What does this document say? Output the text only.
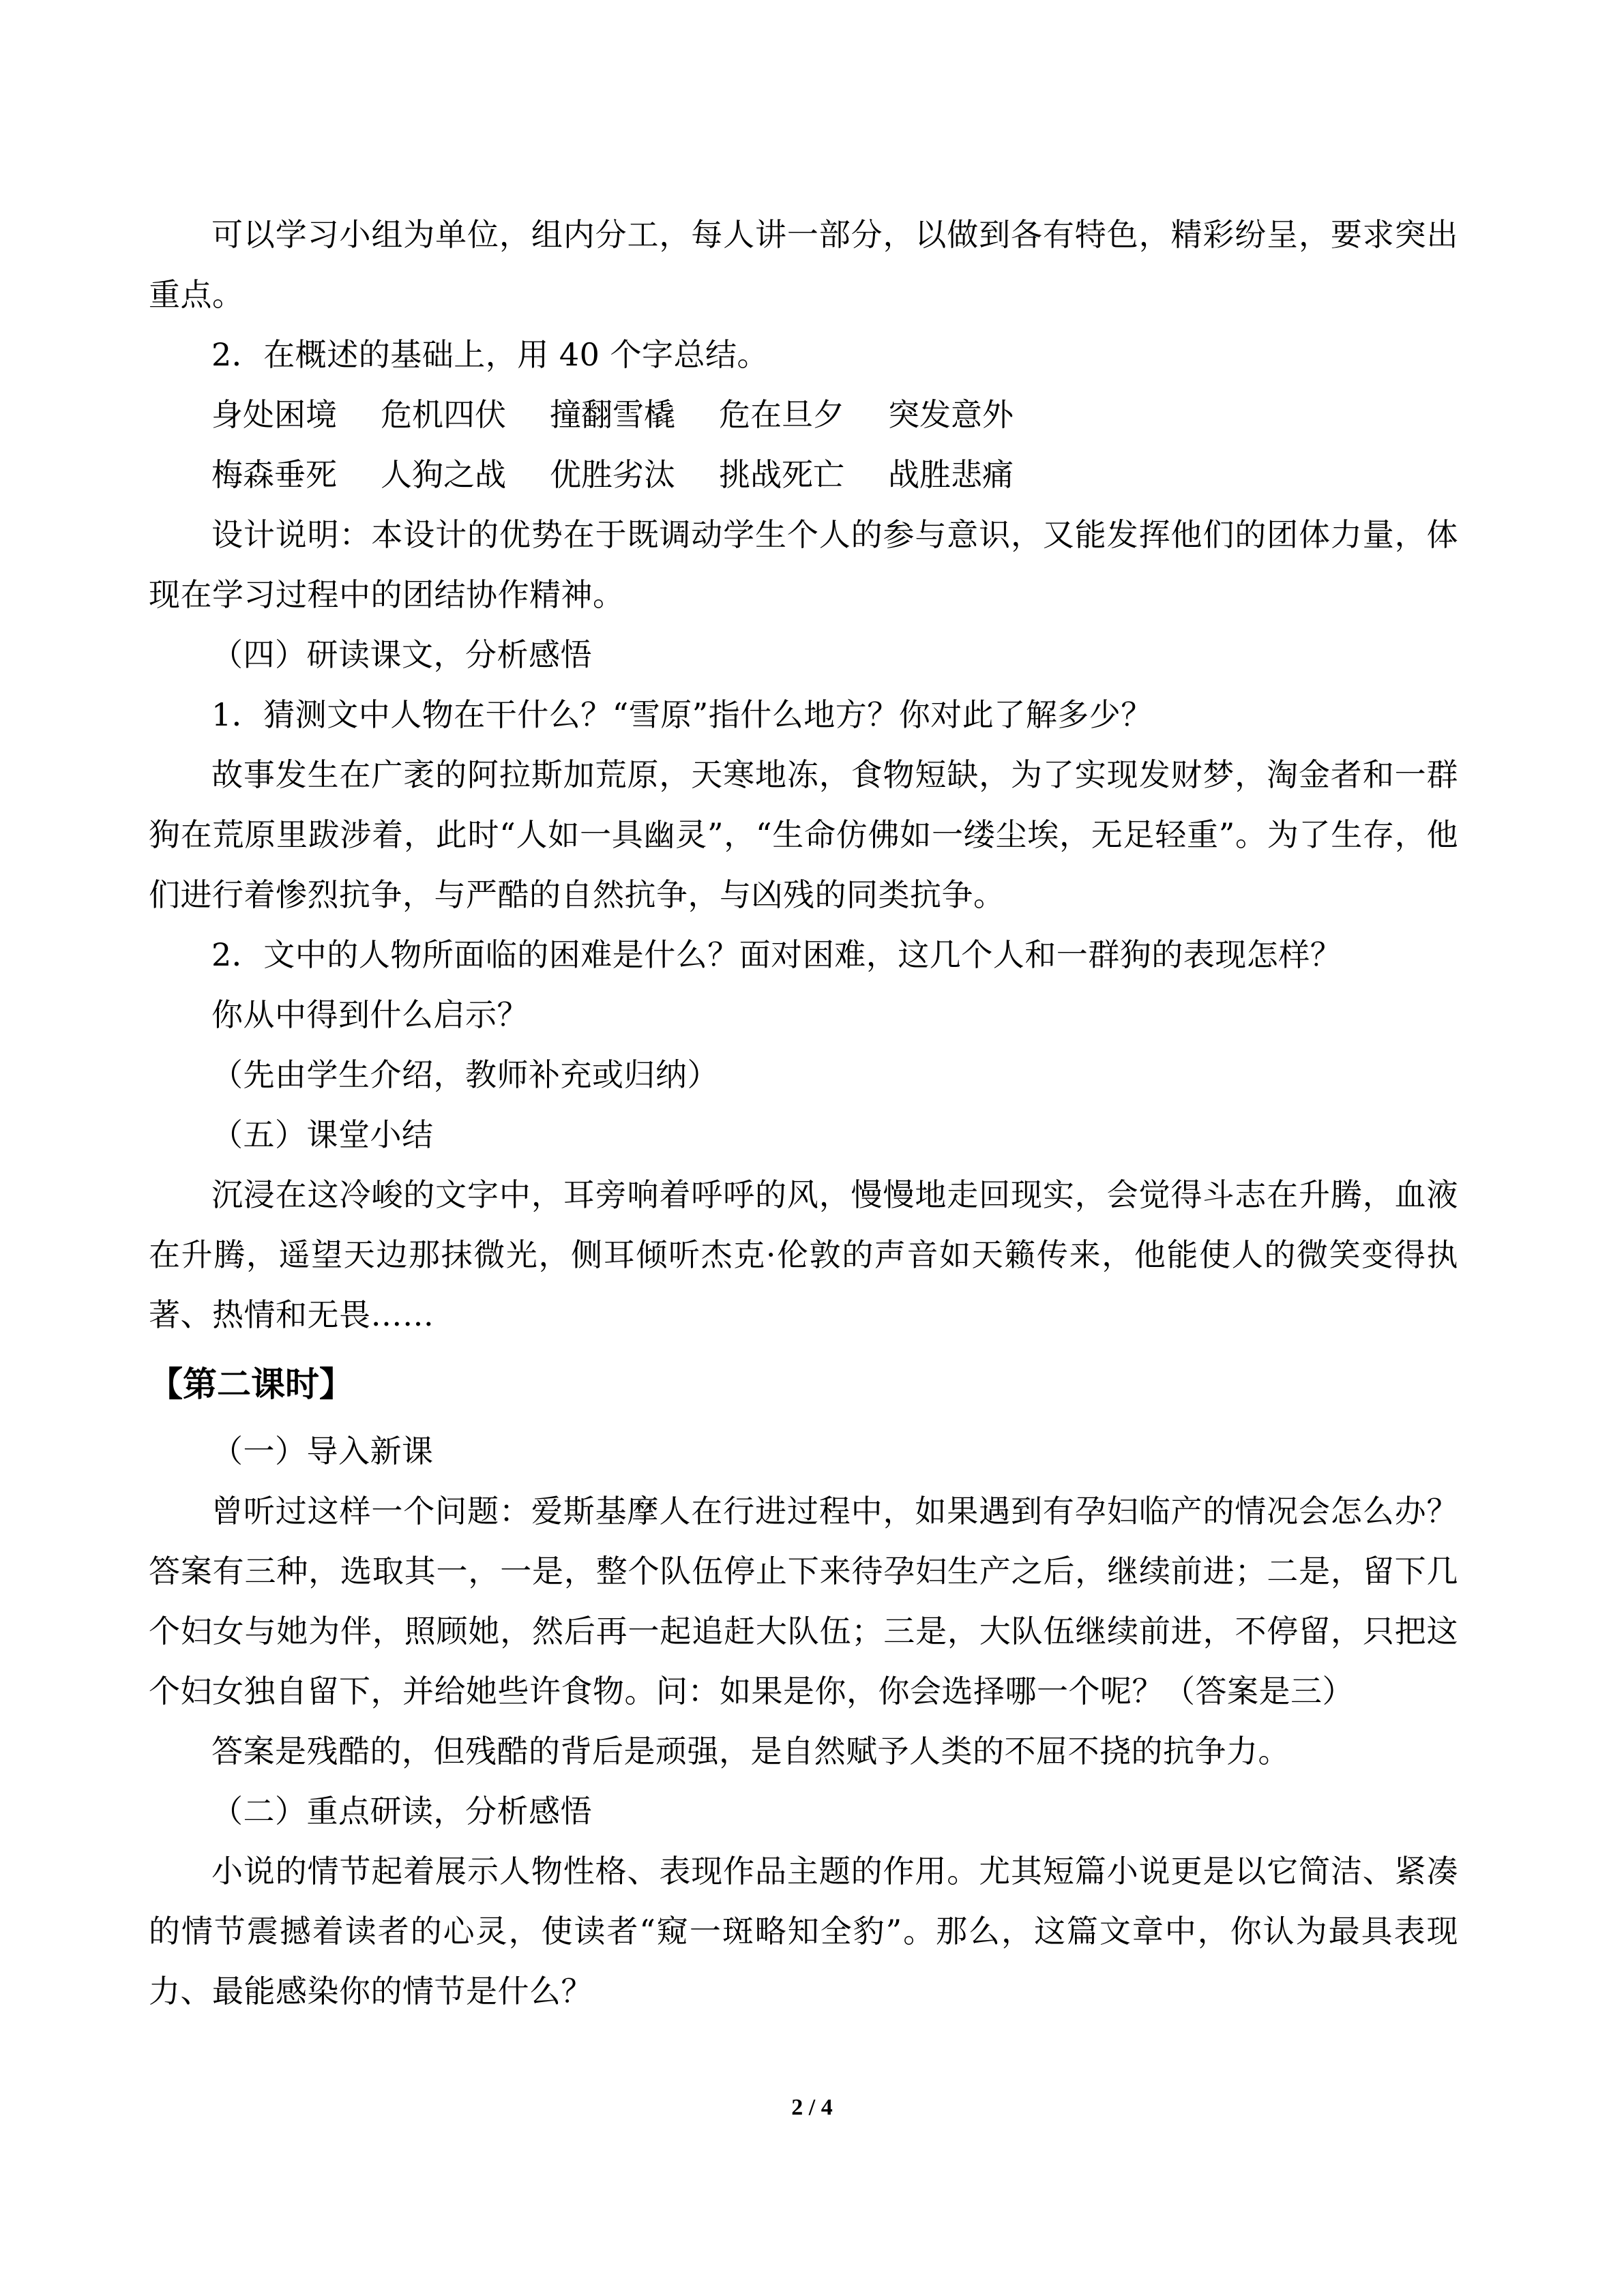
可以学习小组为单位，组内分工，每人讲一部分，以做到各有特色，精彩纷呈，要求突出重点。

2．在概述的基础上，用 40 个字总结。

身处困境 危机四伏 撞翻雪橇 危在旦夕 突发意外

梅森垂死 人狗之战 优胜劣汰 挑战死亡 战胜悲痛

设计说明：本设计的优势在于既调动学生个人的参与意识，又能发挥他们的团体力量，体现在学习过程中的团结协作精神。

（四）研读课文，分析感悟

1．猜测文中人物在干什么？“雪原”指什么地方？你对此了解多少？

故事发生在广袤的阿拉斯加荒原，天寒地冻，食物短缺，为了实现发财梦，淘金者和一群狗在荒原里跋涉着，此时“人如一具幽灵”，“生命仿佛如一缕尘埃，无足轻重”。为了生存，他们进行着惨烈抗争，与严酷的自然抗争，与凶残的同类抗争。

2．文中的人物所面临的困难是什么？面对困难，这几个人和一群狗的表现怎样？

你从中得到什么启示？

（先由学生介绍，教师补充或归纳）

（五）课堂小结

沉浸在这冷峻的文字中，耳旁响着呼呼的风，慢慢地走回现实，会觉得斗志在升腾，血液在升腾，遥望天边那抹微光，侧耳倾听杰克·伦敦的声音如天籁传来，他能使人的微笑变得执著、热情和无畏……

【第二课时】

（一）导入新课

曾听过这样一个问题：爱斯基摩人在行进过程中，如果遇到有孕妇临产的情况会怎么办？答案有三种，选取其一，一是，整个队伍停止下来待孕妇生产之后，继续前进；二是，留下几个妇女与她为伴，照顾她，然后再一起追赶大队伍；三是，大队伍继续前进，不停留，只把这个妇女独自留下，并给她些许食物。问：如果是你，你会选择哪一个呢？（答案是三）

答案是残酷的，但残酷的背后是顽强，是自然赋予人类的不屈不挠的抗争力。

（二）重点研读，分析感悟

小说的情节起着展示人物性格、表现作品主题的作用。尤其短篇小说更是以它简洁、紧凑的情节震撼着读者的心灵，使读者“窥一斑略知全豹”。那么，这篇文章中，你认为最具表现力、最能感染你的情节是什么？

2 / 4
